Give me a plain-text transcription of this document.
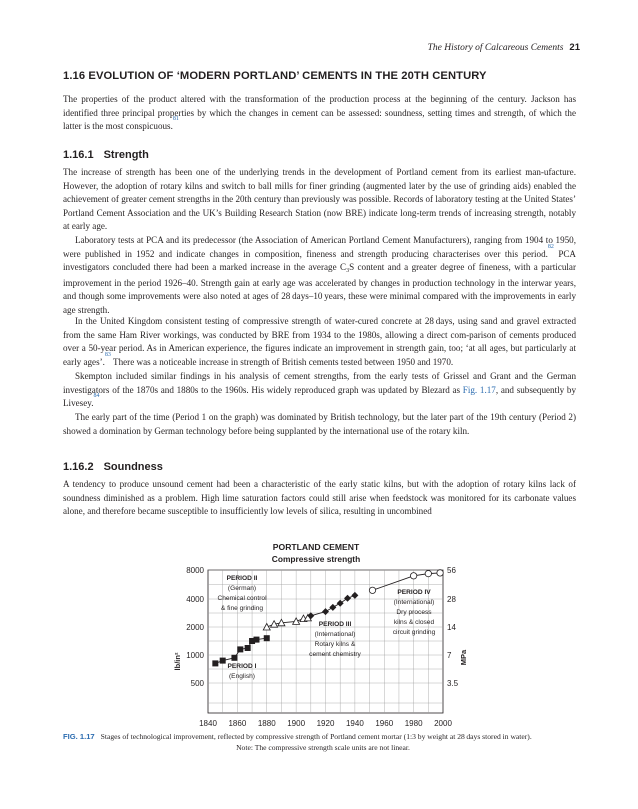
The History of Calcareous Cements 21
1.16 EVOLUTION OF ‘MODERN PORTLAND’ CEMENTS IN THE 20TH CENTURY

The properties of the product altered with the transformation of the production process at the beginning of the century. Jackson has identified three principal properties by which the changes in cement can be assessed: soundness, setting times and strength, of which the latter is the most conspicuous.$^{81}$

1.16.1 Strength

The increase of strength has been one of the underlying trends in the development of Portland cement from its earliest man-ufacture. However, the adoption of rotary kilns and switch to ball mills for finer grinding (augmented later by the use of grinding aids) enabled the achievement of greater cement strengths in the 20th century than previously was possible. Records of laboratory testing at the United States’ Portland Cement Association and the UK’s Building Research Station (now BRE) indicate long-term trends of increasing strength, notably at early age.

Laboratory tests at PCA and its predecessor (the Association of American Portland Cement Manufacturers), ranging from 1904 to 1950, were published in 1952 and indicate changes in composition, fineness and strength producing characterises over this period.$^{82}$ PCA investigators concluded there had been a marked increase in the average $C_3S$ content and a greater degree of fineness, with a particular improvement in the period 1926–40. Strength gain at early age was accelerated by changes in production technology in the interwar years, and though some improvements were also noted at ages of 28 days–10 years, these were minimal compared with the improvements in early age strength.

In the United Kingdom consistent testing of compressive strength of water-cured concrete at 28 days, using sand and gravel extracted from the same Ham River workings, was conducted by BRE from 1934 to the 1980s, allowing a direct com-parison of cements produced over a 50-year period. As in American experience, the figures indicate an improvement in strength gain, too; ‘at all ages, but particularly at early ages’.$^{83}$ There was a noticeable increase in strength of British cements tested between 1950 and 1970.

Skempton included similar findings in his analysis of cement strengths, from the early tests of Grissel and Grant and the German investigators of the 1870s and 1880s to the 1960s. His widely reproduced graph was updated by Blezard as Fig. 1.17, and subsequently by Livesey.$^{84}$

The early part of the time (Period 1 on the graph) was dominated by British technology, but the later part of the 19th century (Period 2) showed a domination by German technology before being supplanted by the international use of the rotary kiln.

1.16.2 Soundness

A tendency to produce unsound cement had been a characteristic of the early static kilns, but with the adoption of rotary kilns lack of soundness diminished as a problem. High lime saturation factors could still arise when feedstock was monitored for its carbonate values alone, and therefore became susceptible to insufficiently low levels of silica, resulting in uncombined

PORTLAND CEMENT
Compressive strength
1840 1860 1880 1900 1920 1940 1960 1980 2000
500
1000
2000
4000
8000
3.5
7
14
28
56
lb/in²	MPa
PERIOD II
(German)
Chemical control
& fine grinding
PERIOD I
(English)
PERIOD III
(International)
Rotary kilns &
cement chemistry
PERIOD IV
(International)
Dry process
kilns & closed
circuit grinding
FIG. 1.17 Stages of technological improvement, reflected by compressive strength of Portland cement mortar (1:3 by weight at 28 days stored in water).
Note: The compressive strength scale units are not linear.
